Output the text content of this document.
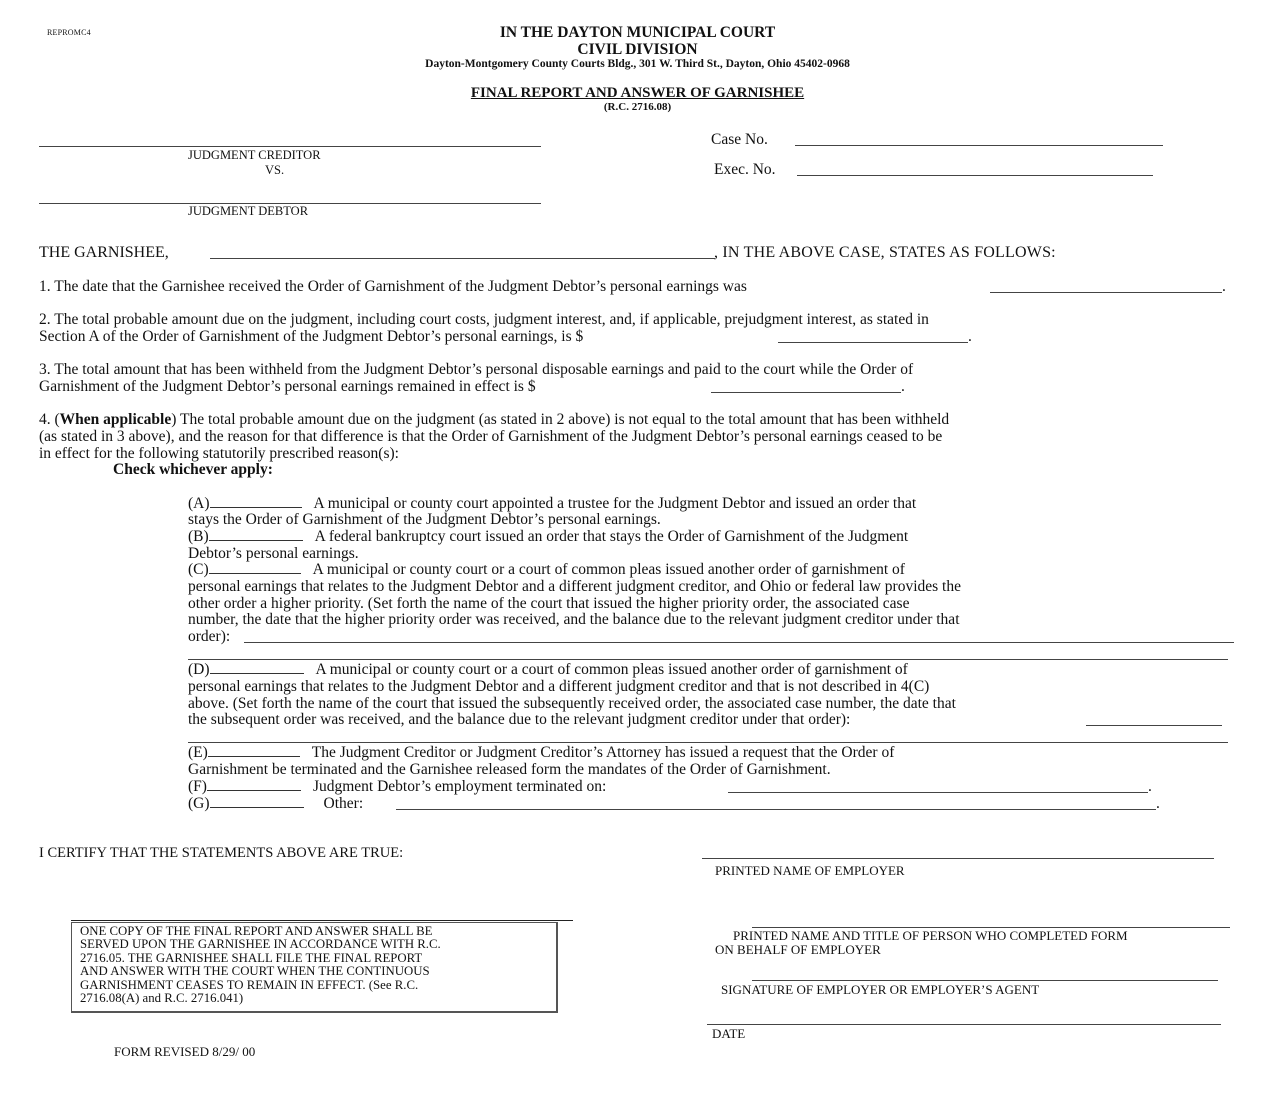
REPROMC4	IN THE DAYTON MUNICIPAL COURT
CIVIL DIVISION
Dayton-Montgomery County Courts Bldg., 301 W. Third St., Dayton, Ohio 45402-0968
FINAL REPORT AND ANSWER OF GARNISHEE
(R.C. 2716.08)
JUDGMENT CREDITOR
VS.
JUDGMENT DEBTOR
Case No.
Exec. No.
THE GARNISHEE,	, IN THE ABOVE CASE, STATES AS FOLLOWS:
1. The date that the Garnishee received the Order of Garnishment of the Judgment Debtor’s personal earnings was	.
2. The total probable amount due on the judgment, including court costs, judgment interest, and, if applicable, prejudgment interest, as stated in
Section A of the Order of Garnishment of the Judgment Debtor’s personal earnings, is $	.
3. The total amount that has been withheld from the Judgment Debtor’s personal disposable earnings and paid to the court while the Order of
Garnishment of the Judgment Debtor’s personal earnings remained in effect is $	.
4. (When applicable) The total probable amount due on the judgment (as stated in 2 above) is not equal to the total amount that has been withheld
(as stated in 3 above), and the reason for that difference is that the Order of Garnishment of the Judgment Debtor’s personal earnings ceased to be
in effect for the following statutorily prescribed reason(s):
Check whichever apply:
(A)	A municipal or county court appointed a trustee for the Judgment Debtor and issued an order that
stays the Order of Garnishment of the Judgment Debtor’s personal earnings.
(B)	A federal bankruptcy court issued an order that stays the Order of Garnishment of the Judgment
Debtor’s personal earnings.
(C)	A municipal or county court or a court of common pleas issued another order of garnishment of
personal earnings that relates to the Judgment Debtor and a different judgment creditor, and Ohio or federal law provides the
other order a higher priority. (Set forth the name of the court that issued the higher priority order, the associated case
number, the date that the higher priority order was received, and the balance due to the relevant judgment creditor under that
order):
(D)	A municipal or county court or a court of common pleas issued another order of garnishment of
personal earnings that relates to the Judgment Debtor and a different judgment creditor and that is not described in 4(C)
above. (Set forth the name of the court that issued the subsequently received order, the associated case number, the date that
the subsequent order was received, and the balance due to the relevant judgment creditor under that order):
(E)	The Judgment Creditor or Judgment Creditor’s Attorney has issued a request that the Order of
Garnishment be terminated and the Garnishee released form the mandates of the Order of Garnishment.
(F)	Judgment Debtor’s employment terminated on:	.
(G)	Other:	.
I CERTIFY THAT THE STATEMENTS ABOVE ARE TRUE:
PRINTED NAME OF EMPLOYER
PRINTED NAME AND TITLE OF PERSON WHO COMPLETED FORM
ON BEHALF OF EMPLOYER
SIGNATURE OF EMPLOYER OR EMPLOYER’S AGENT
DATE
ONE COPY OF THE FINAL REPORT AND ANSWER SHALL BE
SERVED UPON THE GARNISHEE IN ACCORDANCE WITH R.C.
2716.05. THE GARNISHEE SHALL FILE THE FINAL REPORT
AND ANSWER WITH THE COURT WHEN THE CONTINUOUS
GARNISHMENT CEASES TO REMAIN IN EFFECT. (See R.C.
2716.08(A) and R.C. 2716.041)
FORM REVISED 8/29/ 00
